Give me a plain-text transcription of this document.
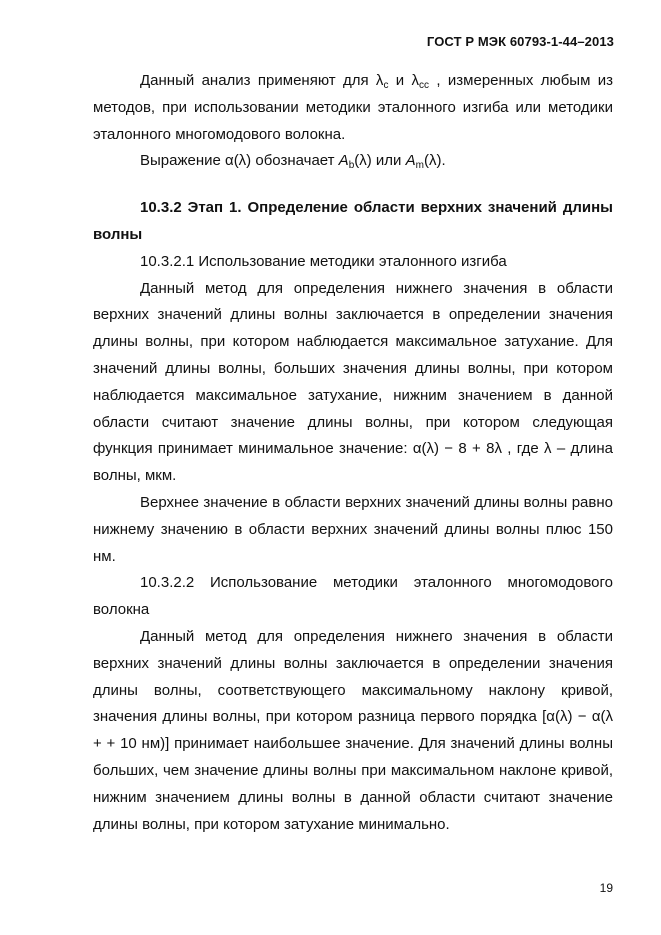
ГОСТ Р МЭК 60793-1-44–2013

Данный анализ применяют для $\lambda_c$ и $\lambda_{cc}$ , измеренных любым из методов, при использовании методики эталонного изгиба или методики эталонного многомодового волокна.

Выражение α(λ) обозначает $A_b(\lambda)$ или $A_m(\lambda)$.

10.3.2 Этап 1. Определение области верхних значений длины волны

10.3.2.1 Использование методики эталонного изгиба

Данный метод для определения нижнего значения в области верхних значений длины волны заключается в определении значения длины волны, при котором наблюдается максимальное затухание. Для значений длины волны, больших значения длины волны, при котором наблюдается максимальное затухание, нижним значением в данной области считают значение длины волны, при котором следующая функция принимает минимальное значение: α(λ) − 8 + 8λ , где λ – длина волны, мкм.

Верхнее значение в области верхних значений длины волны равно нижнему значению в области верхних значений длины волны плюс 150 нм.

10.3.2.2 Использование методики эталонного многомодового волокна

Данный метод для определения нижнего значения в области верхних значений длины волны заключается в определении значения длины волны, соответствующего максимальному наклону кривой, значения длины волны, при котором разница первого порядка [α(λ) − α(λ + + 10 нм)] принимает наибольшее значение. Для значений длины волны больших, чем значение длины волны при максимальном наклоне кривой, нижним значением длины волны в данной области считают значение длины волны, при котором затухание минимально.

19
